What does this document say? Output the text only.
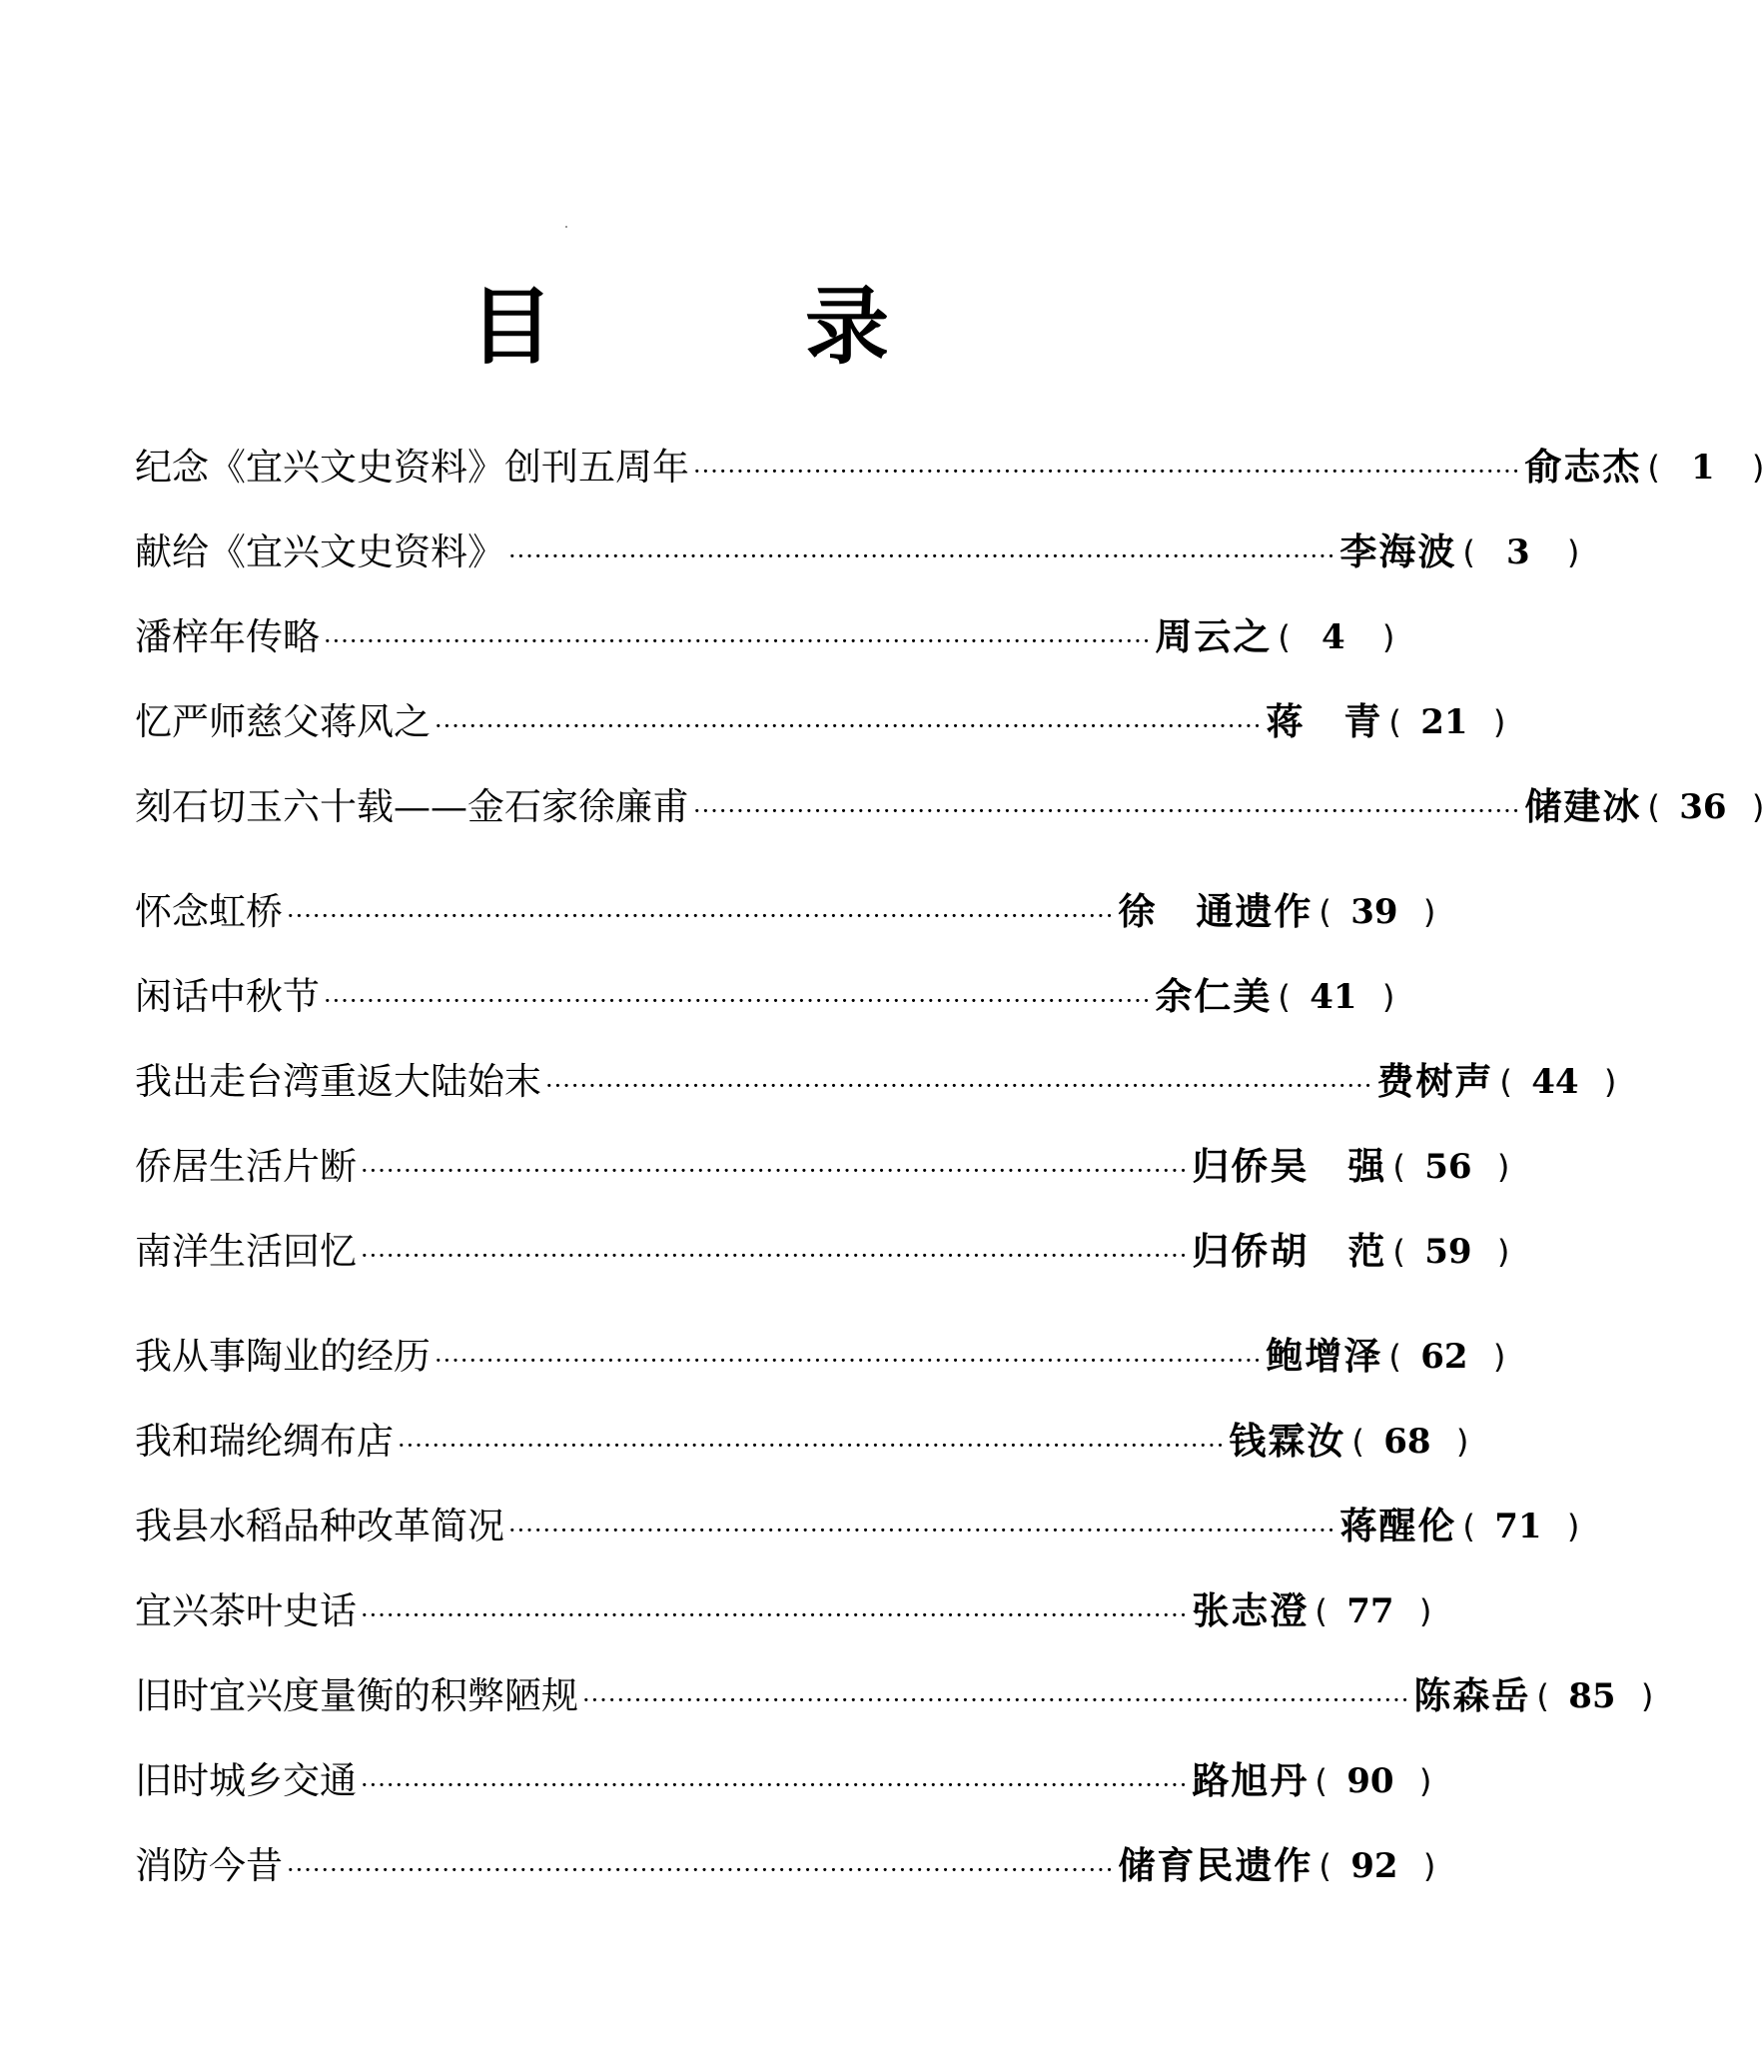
目	录
纪念《宜兴文史资料》创刊五周年 ································································································ 俞志杰 ( 1	)
献给《宜兴文史资料》 ································································································ 李海波 ( 3	)
潘梓年传略 ································································································ 周云之 ( 4	)
忆严师慈父蒋风之 ································································································ 蒋　青 ( 21 )
刻石切玉六十载——金石家徐廉甫 ································································································ 储建冰 ( 36 )
怀念虹桥 ································································································ 徐　通遗作 ( 39 )
闲话中秋节 ································································································ 余仁美 ( 41 )
我出走台湾重返大陆始末 ································································································ 费树声 ( 44 )
侨居生活片断 ································································································ 归侨吴　强 ( 56 )
南洋生活回忆 ································································································ 归侨胡　范 ( 59 )
我从事陶业的经历 ································································································ 鲍增泽 ( 62 )
我和瑞纶绸布店 ································································································ 钱霖汝 ( 68 )
我县水稻品种改革简况 ································································································ 蒋醒伦 ( 71 )
宜兴茶叶史话 ································································································ 张志澄 ( 77 )
旧时宜兴度量衡的积弊陋规 ································································································ 陈森岳 ( 85 )
旧时城乡交通 ································································································ 路旭丹 ( 90 )
消防今昔 ································································································ 储育民遗作 ( 92 )
